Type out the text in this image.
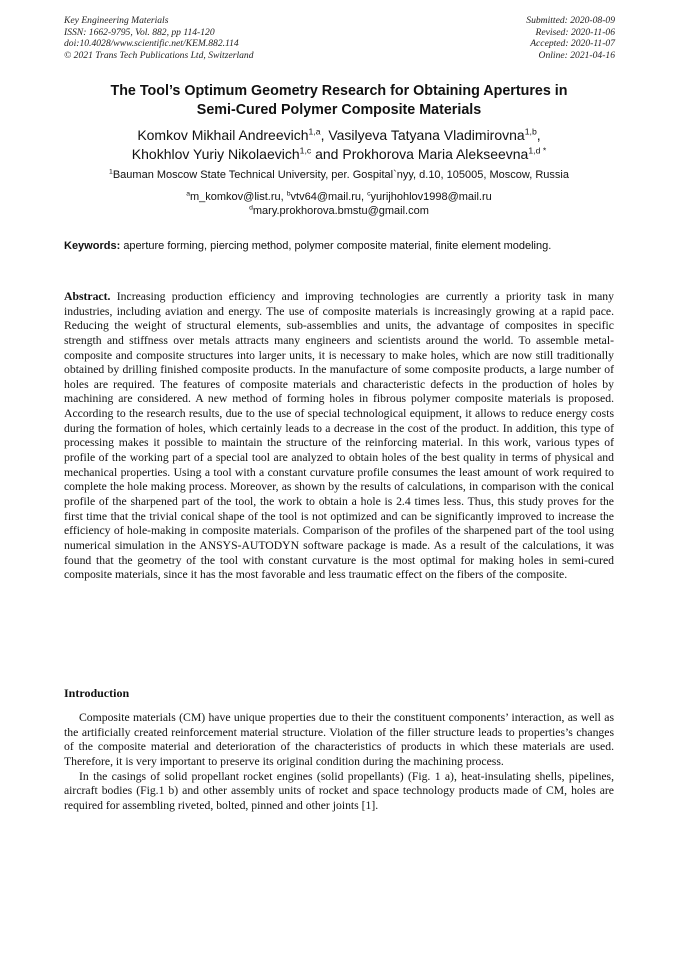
Key Engineering Materials
ISSN: 1662-9795, Vol. 882, pp 114-120
doi:10.4028/www.scientific.net/KEM.882.114
© 2021 Trans Tech Publications Ltd, Switzerland
Submitted: 2020-08-09
Revised: 2020-11-06
Accepted: 2020-11-07
Online: 2021-04-16
The Tool’s Optimum Geometry Research for Obtaining Apertures in
Semi-Cured Polymer Composite Materials
Komkov Mikhail Andreevich$^{1,a}$, Vasilyeva Tatyana Vladimirovna$^{1,b}$,
Khokhlov Yuriy Nikolaevich$^{1,c}$ and Prokhorova Maria Alekseevna$^{1,d *}$
$^1$Bauman Moscow State Technical University, per. Gospital`nyy, d.10, 105005, Moscow, Russia
$^a$m_komkov@list.ru, $^b$vtv64@mail.ru, $^c$yurijhohlov1998@mail.ru
$^d$mary.prokhorova.bmstu@gmail.com
Keywords: aperture forming, piercing method, polymer composite material, finite element modeling.
Abstract. Increasing production efficiency and improving technologies are currently a priority task in many industries, including aviation and energy. The use of composite materials is increasingly growing at a rapid pace. Reducing the weight of structural elements, sub-assemblies and units, the advantage of composites in specific strength and stiffness over metals attracts many engineers and scientists around the world. To assemble metal-composite and composite structures into larger units, it is necessary to make holes, which are now still traditionally obtained by drilling finished composite products. In the manufacture of some composite products, a large number of holes are required. The features of composite materials and characteristic defects in the production of holes by machining are considered. A new method of forming holes in fibrous polymer composite materials is proposed. According to the research results, due to the use of special technological equipment, it allows to reduce energy costs during the formation of holes, which certainly leads to a decrease in the cost of the product. In addition, this type of processing makes it possible to maintain the structure of the reinforcing material. In this work, various types of profile of the working part of a special tool are analyzed to obtain holes of the best quality in terms of physical and mechanical properties. Using a tool with a constant curvature profile consumes the least amount of work required to complete the hole making process. Moreover, as shown by the results of calculations, in comparison with the conical profile of the sharpened part of the tool, the work to obtain a hole is 2.4 times less. Thus, this study proves for the first time that the trivial conical shape of the tool is not optimized and can be significantly improved to increase the efficiency of hole-making in composite materials. Comparison of the profiles of the sharpened part of the tool using numerical simulation in the ANSYS-AUTODYN software package is made. As a result of the calculations, it was found that the geometry of the tool with constant curvature is the most optimal for making holes in semi-cured composite materials, since it has the most favorable and less traumatic effect on the fibers of the composite.
Introduction

Composite materials (CM) have unique properties due to their the constituent components’ interaction, as well as the artificially created reinforcement material structure. Violation of the filler structure leads to properties’s changes of the composite material and deterioration of the characteristics of products in which these materials are used. Therefore, it is very important to preserve its original condition during the machining process.

In the casings of solid propellant rocket engines (solid propellants) (Fig. 1 a), heat-insulating shells, pipelines, aircraft bodies (Fig.1 b) and other assembly units of rocket and space technology products made of CM, holes are required for assembling riveted, bolted, pinned and other joints [1].
